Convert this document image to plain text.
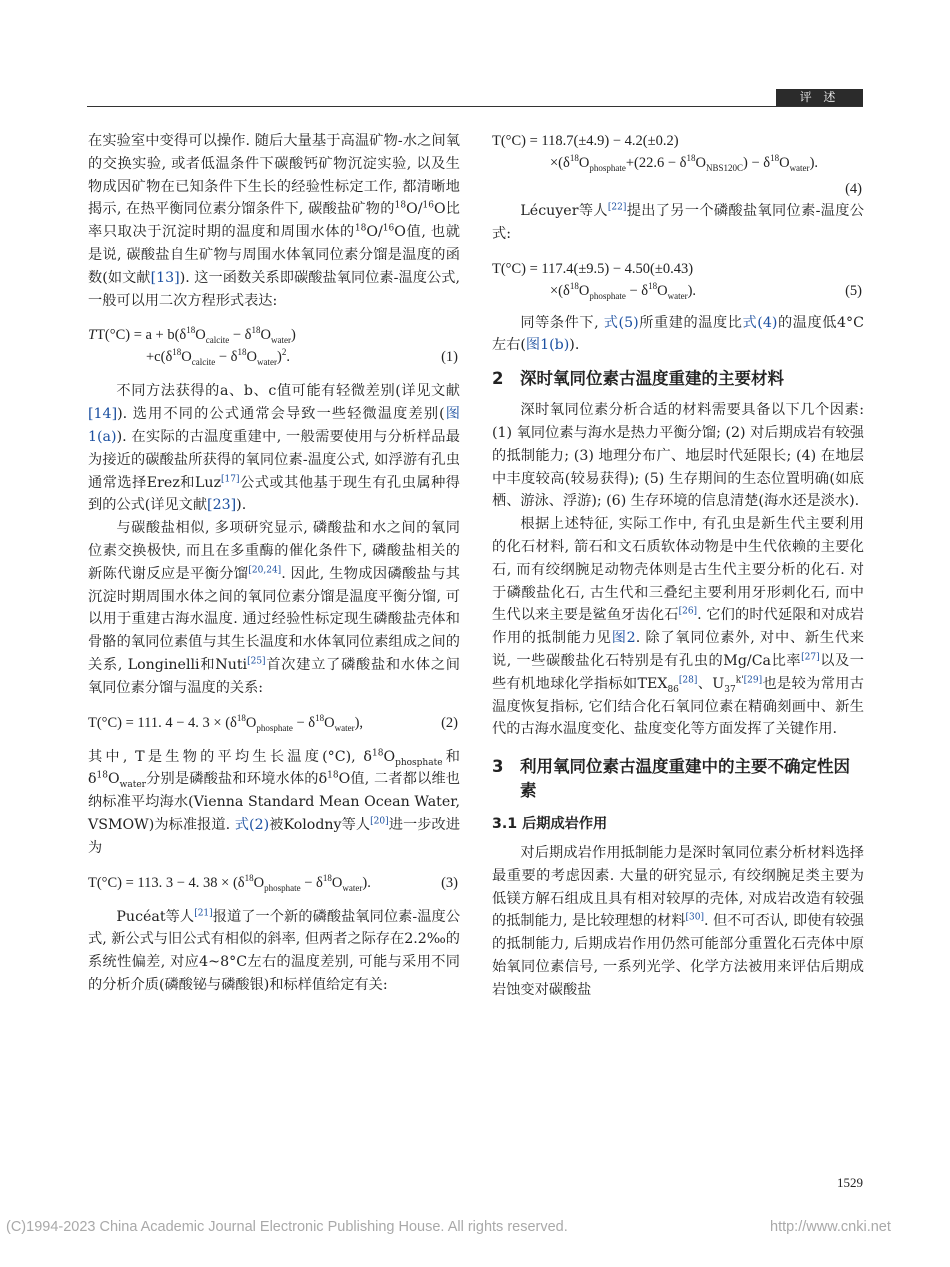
评 述

在实验室中变得可以操作. 随后大量基于高温矿物-水之间氧的交换实验, 或者低温条件下碳酸钙矿物沉淀实验, 以及生物成因矿物在已知条件下生长的经验性标定工作, 都清晰地揭示, 在热平衡同位素分馏条件下, 碳酸盐矿物的$^{18}$O/$^{16}$O比率只取决于沉淀时期的温度和周围水体的$^{18}$O/$^{16}$O值, 也就是说, 碳酸盐自生矿物与周围水体氧同位素分馏是温度的函数(如文献[13]). 这一函数关系即碳酸盐氧同位素-温度公式, 一般可以用二次方程形式表达:

$TT(^\circ C) = a + b(\delta^{18}O_{calcite} - \delta^{18}O_{water})$
$+c(\delta^{18}O_{calcite} - \delta^{18}O_{water})^2$.	(1)

不同方法获得的a、b、c值可能有轻微差别(详见文献[14]). 选用不同的公式通常会导致一些轻微温度差别(图1(a)). 在实际的古温度重建中, 一般需要使用与分析样品最为接近的碳酸盐所获得的氧同位素-温度公式, 如浮游有孔虫通常选择Erez和Luz[17]公式或其他基于现生有孔虫属种得到的公式(详见文献[23]).

与碳酸盐相似, 多项研究显示, 磷酸盐和水之间的氧同位素交换极快, 而且在多重酶的催化条件下, 磷酸盐相关的新陈代谢反应是平衡分馏[20,24]. 因此, 生物成因磷酸盐与其沉淀时期周围水体之间的氧同位素分馏是温度平衡分馏, 可以用于重建古海水温度. 通过经验性标定现生磷酸盐壳体和骨骼的氧同位素值与其生长温度和水体氧同位素组成之间的关系, Longinelli和Nuti[25]首次建立了磷酸盐和水体之间氧同位素分馏与温度的关系:

T(°C) = 111. 4 − 4. $3 \times (\delta^{18}O_{phosphate} - \delta^{18}O_{water})$,	(2)

其中, T是生物的平均生长温度(°C), $\delta^{18}O_{phosphate}$和$\delta^{18}O_{water}$分别是磷酸盐和环境水体的$\delta^{18}O$值, 二者都以维也纳标准平均海水(Vienna Standard Mean Ocean Water, VSMOW)为标准报道. 式(2)被Kolodny等人[20]进一步改进为

T(°C) = 113. 3 − 4. $38 \times (\delta^{18}O_{phosphate} - \delta^{18}O_{water})$.	(3)

Pucéat等人[21]报道了一个新的磷酸盐氧同位素-温度公式, 新公式与旧公式有相似的斜率, 但两者之际存在2.2‰的系统性偏差, 对应4~8°C左右的温度差别, 可能与采用不同的分析介质(磷酸铋与磷酸银)和标样值给定有关:

T(°C) = 118.7(±4.9) − 4.2(±0.2)
$\times(\delta^{18}O_{phosphate}+(22.6 - \delta^{18}O_{NBS120C}) - \delta^{18}O_{water})$.
(4)

Lécuyer等人[22]提出了另一个磷酸盐氧同位素-温度公式:

T(°C) = 117.4(±9.5) − 4.50(±0.43)
$\times(\delta^{18}O_{phosphate} - \delta^{18}O_{water})$.	(5)

同等条件下, 式(5)所重建的温度比式(4)的温度低4°C左右(图1(b)).

2 深时氧同位素古温度重建的主要材料

深时氧同位素分析合适的材料需要具备以下几个因素: (1) 氧同位素与海水是热力平衡分馏; (2) 对后期成岩有较强的抵制能力; (3) 地理分布广、地层时代延限长; (4) 在地层中丰度较高(较易获得); (5) 生存期间的生态位置明确(如底栖、游泳、浮游); (6) 生存环境的信息清楚(海水还是淡水).

根据上述特征, 实际工作中, 有孔虫是新生代主要利用的化石材料, 箭石和文石质软体动物是中生代依赖的主要化石, 而有绞纲腕足动物壳体则是古生代主要分析的化石. 对于磷酸盐化石, 古生代和三叠纪主要利用牙形刺化石, 而中生代以来主要是鲨鱼牙齿化石[26]. 它们的时代延限和对成岩作用的抵制能力见图2. 除了氧同位素外, 对中、新生代来说, 一些碳酸盐化石特别是有孔虫的Mg/Ca比率[27]以及一些有机地球化学指标如$TEX_{86}[28]$、$U_{37}^{k'[29]}$也是较为常用古温度恢复指标, 它们结合化石氧同位素在精确刻画中、新生代的古海水温度变化、盐度变化等方面发挥了关键作用.

3	利用氧同位素古温度重建中的主要不确定性因素
3.1 后期成岩作用

对后期成岩作用抵制能力是深时氧同位素分析材料选择最重要的考虑因素. 大量的研究显示, 有绞纲腕足类主要为低镁方解石组成且具有相对较厚的壳体, 对成岩改造有较强的抵制能力, 是比较理想的材料[30]. 但不可否认, 即使有较强的抵制能力, 后期成岩作用仍然可能部分重置化石壳体中原始氧同位素信号, 一系列光学、化学方法被用来评估后期成岩蚀变对碳酸盐

1529
(C)1994-2023 China Academic Journal Electronic Publishing House. All rights reserved.	http://www.cnki.net
